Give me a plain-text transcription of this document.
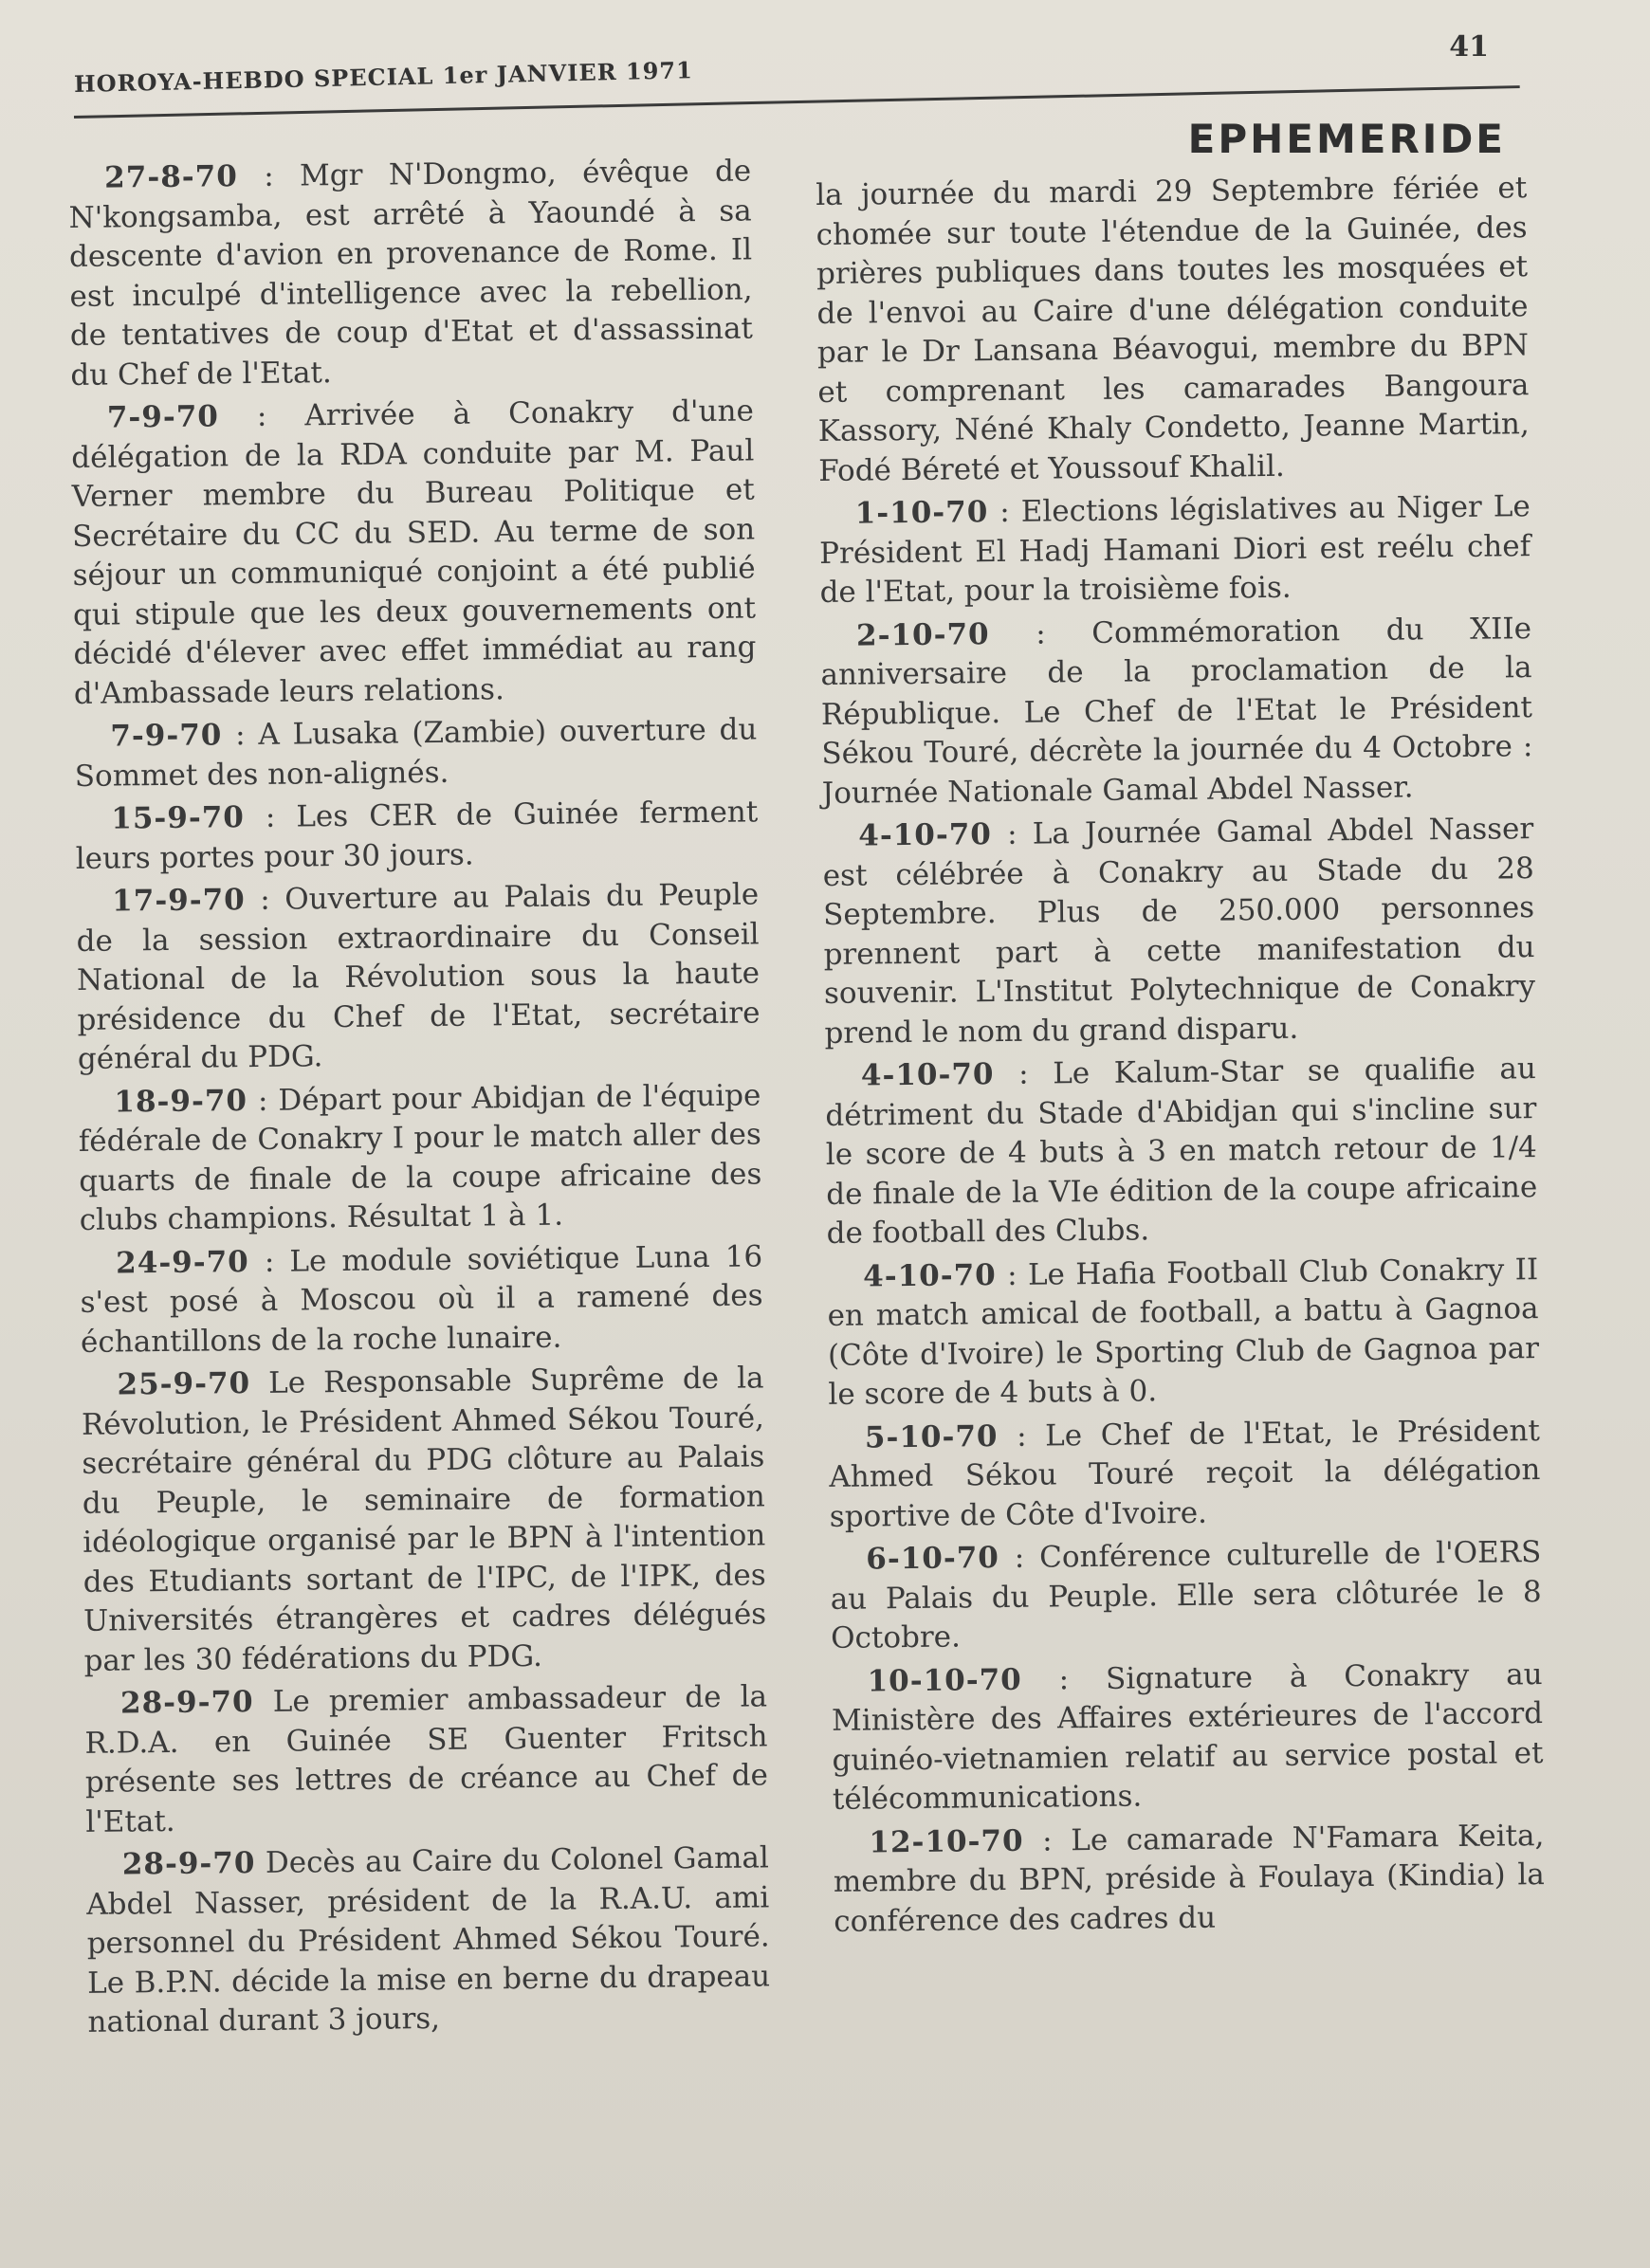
HOROYA-HEBDO SPECIAL 1er JANVIER 1971
41
EPHEMERIDE

27-8-70 : Mgr N'Dongmo, évêque de N'kongsamba, est arrêté à Yaoundé à sa descente d'avion en provenance de Rome. Il est inculpé d'intelligence avec la rebellion, de tentatives de coup d'Etat et d'assassinat du Chef de l'Etat.

7-9-70 : Arrivée à Conakry d'une délégation de la RDA conduite par M. Paul Verner membre du Bureau Politique et Secrétaire du CC du SED. Au terme de son séjour un communiqué conjoint a été publié qui stipule que les deux gouvernements ont décidé d'élever avec effet immédiat au rang d'Ambassade leurs relations.

7-9-70 : A Lusaka (Zambie) ouverture du Sommet des non-alignés.

15-9-70 : Les CER de Guinée ferment leurs portes pour 30 jours.

17-9-70 : Ouverture au Palais du Peuple de la session extraordinaire du Conseil National de la Révolution sous la haute présidence du Chef de l'Etat, secrétaire général du PDG.

18-9-70 : Départ pour Abidjan de l'équipe fédérale de Conakry I pour le match aller des quarts de finale de la coupe africaine des clubs champions. Résultat 1 à 1.

24-9-70 : Le module soviétique Luna 16 s'est posé à Moscou où il a ramené des échantillons de la roche lunaire.

25-9-70 Le Responsable Suprême de la Révolution, le Président Ahmed Sékou Touré, secrétaire général du PDG clôture au Palais du Peuple, le seminaire de formation idéologique organisé par le BPN à l'intention des Etudiants sortant de l'IPC, de l'IPK, des Universités étrangères et cadres délégués par les 30 fédérations du PDG.

28-9-70 Le premier ambassadeur de la R.D.A. en Guinée SE Guenter Fritsch présente ses lettres de créance au Chef de l'Etat.

28-9-70 Decès au Caire du Colonel Gamal Abdel Nasser, président de la R.A.U. ami personnel du Président Ahmed Sékou Touré. Le B.P.N. décide la mise en berne du drapeau national durant 3 jours,

la journée du mardi 29 Septembre fériée et chomée sur toute l'étendue de la Guinée, des prières publiques dans toutes les mosquées et de l'envoi au Caire d'une délégation conduite par le Dr Lansana Béavogui, membre du BPN et comprenant les camarades Bangoura Kassory, Néné Khaly Condetto, Jeanne Martin, Fodé Béreté et Youssouf Khalil.

1-10-70 : Elections législatives au Niger Le Président El Hadj Hamani Diori est reélu chef de l'Etat, pour la troisième fois.

2-10-70 : Commémoration du XIIe anniversaire de la proclamation de la République. Le Chef de l'Etat le Président Sékou Touré, décrète la journée du 4 Octobre : Journée Nationale Gamal Abdel Nasser.

4-10-70 : La Journée Gamal Abdel Nasser est célébrée à Conakry au Stade du 28 Septembre. Plus de 250.000 personnes prennent part à cette manifestation du souvenir. L'Institut Polytechnique de Conakry prend le nom du grand disparu.

4-10-70 : Le Kalum-Star se qualifie au détriment du Stade d'Abidjan qui s'incline sur le score de 4 buts à 3 en match retour de 1/4 de finale de la VIe édition de la coupe africaine de football des Clubs.

4-10-70 : Le Hafia Football Club Conakry II en match amical de football, a battu à Gagnoa (Côte d'Ivoire) le Sporting Club de Gagnoa par le score de 4 buts à 0.

5-10-70 : Le Chef de l'Etat, le Président Ahmed Sékou Touré reçoit la délégation sportive de Côte d'Ivoire.

6-10-70 : Conférence culturelle de l'OERS au Palais du Peuple. Elle sera clôturée le 8 Octobre.

10-10-70 : Signature à Conakry au Ministère des Affaires extérieures de l'accord guinéo-vietnamien relatif au service postal et télécommunications.

12-10-70 : Le camarade N'Famara Keita, membre du BPN, préside à Foulaya (Kindia) la conférence des cadres du
